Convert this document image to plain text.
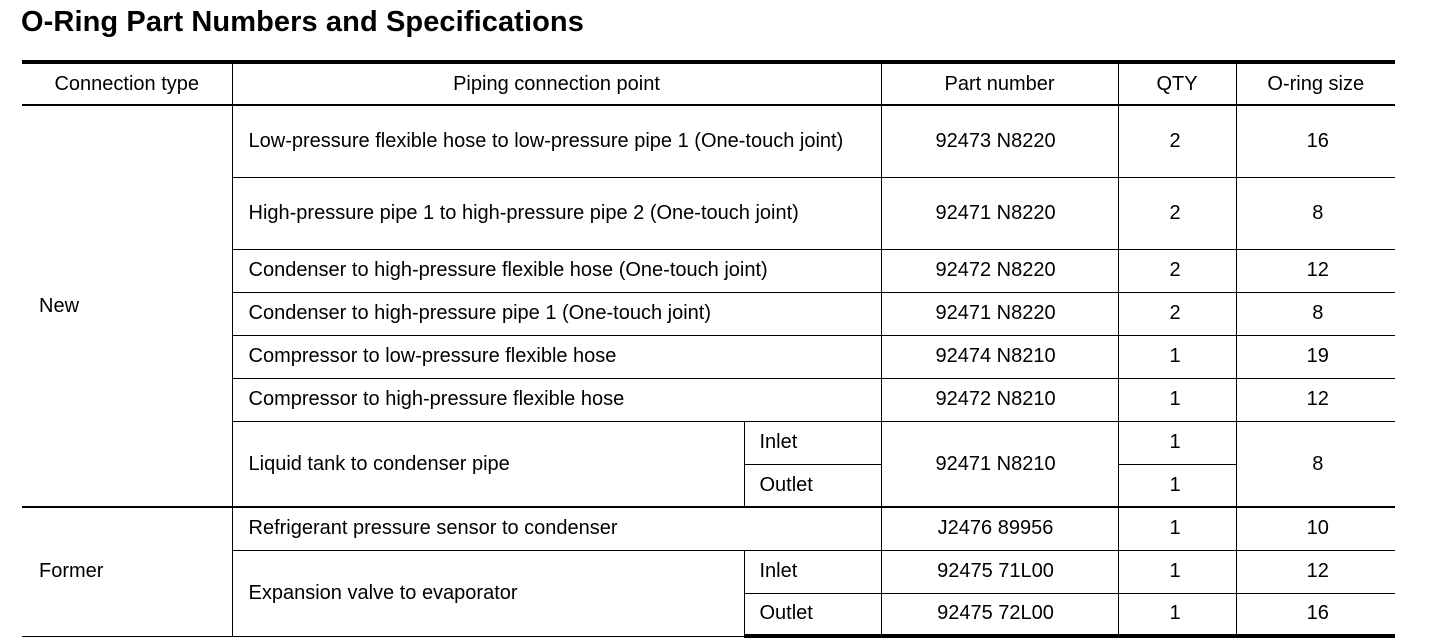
O-Ring Part Numbers and Specifications
Connection type	Piping connection point		Part number	QTY	O-ring size
New	Low-pressure flexible hose to low-pressure pipe 1 (One-touch joint)		92473 N8220	2	16
	High-pressure pipe 1 to high-pressure pipe 2 (One-touch joint)		92471 N8220	2	8
	Condenser to high-pressure flexible hose (One-touch joint)		92472 N8220	2	12
	Condenser to high-pressure pipe 1 (One-touch joint)		92471 N8220	2	8
	Compressor to low-pressure flexible hose		92474 N8210	1	19
	Compressor to high-pressure flexible hose		92472 N8210	1	12
	Liquid tank to condenser pipe	Inlet	92471 N8210	1	8
		Outlet		1	

Former	Refrigerant pressure sensor to condenser		J2476 89956	1	10
	Expansion valve to evaporator	Inlet	92475 71L00	1	12
		Outlet	92475 72L00	1	16
